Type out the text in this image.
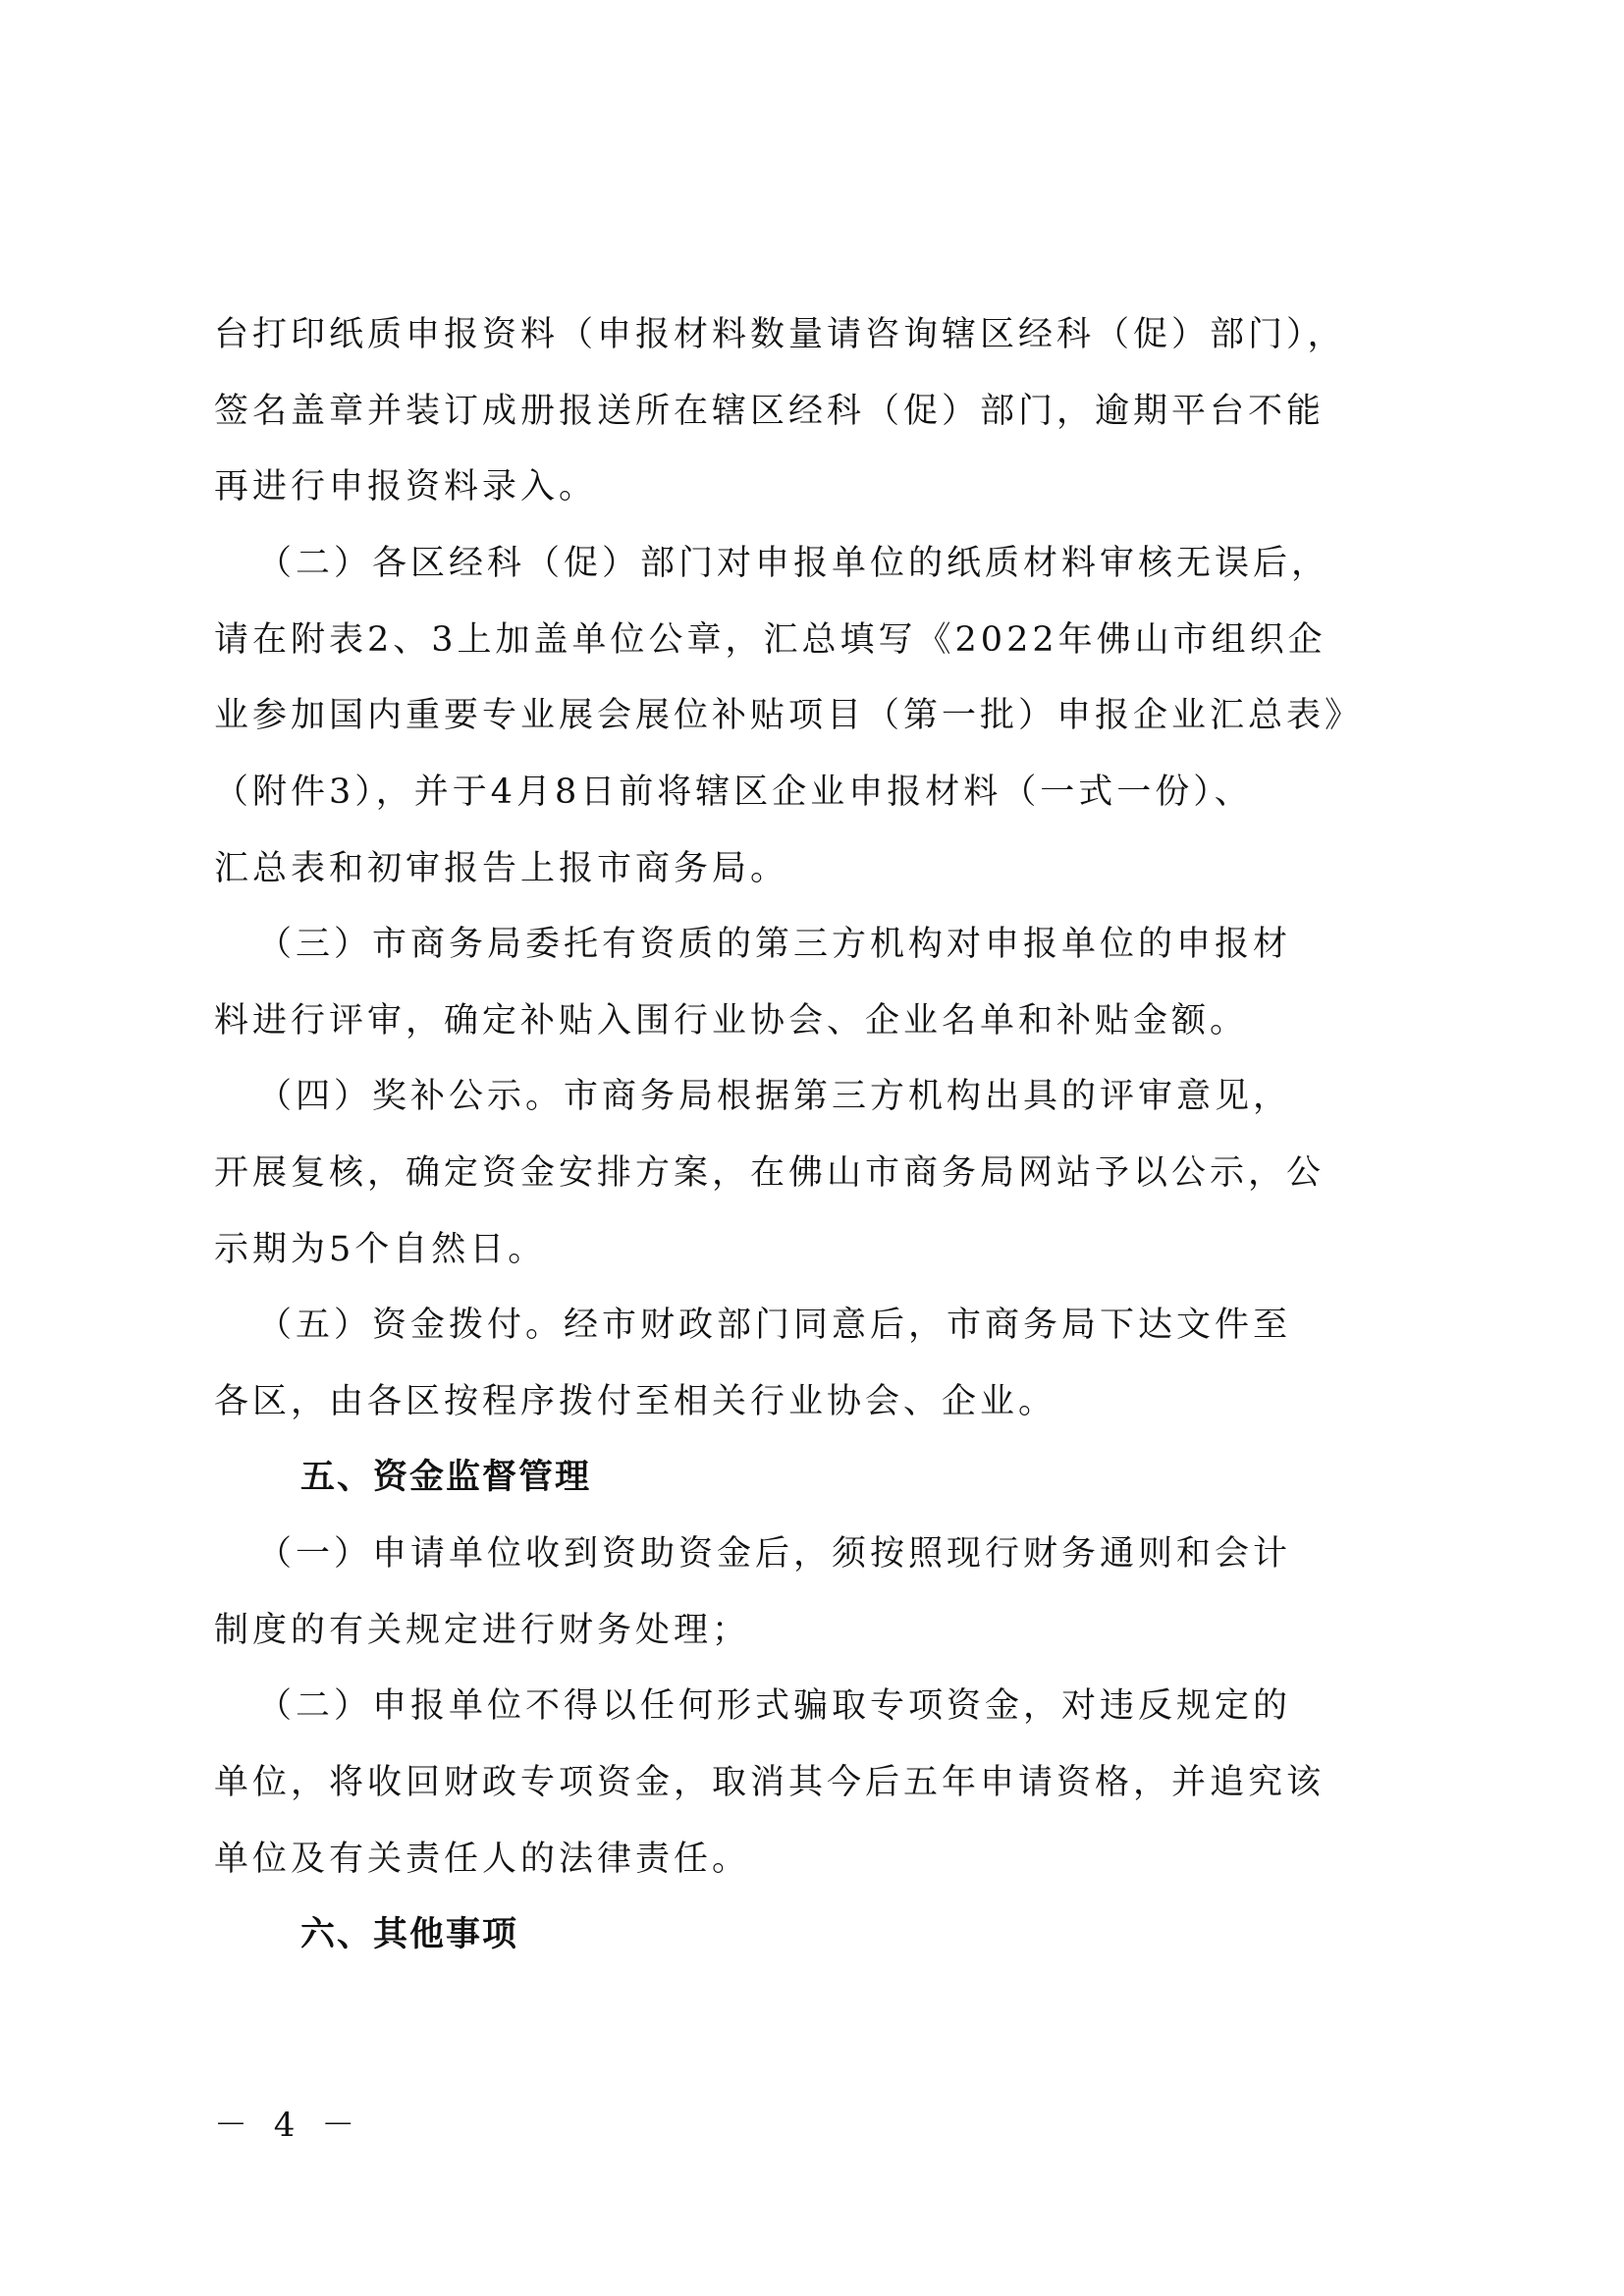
台打印纸质申报资料（申报材料数量请咨询辖区经科（促）部门），
签名盖章并装订成册报送所在辖区经科（促）部门，逾期平台不能
再进行申报资料录入。
（二）各区经科（促）部门对申报单位的纸质材料审核无误后，
请在附表2、3上加盖单位公章，汇总填写《2022年佛山市组织企
业参加国内重要专业展会展位补贴项目（第一批）申报企业汇总表》
（附件3），并于4月8日前将辖区企业申报材料（一式一份）、
汇总表和初审报告上报市商务局。
（三）市商务局委托有资质的第三方机构对申报单位的申报材
料进行评审，确定补贴入围行业协会、企业名单和补贴金额。
（四）奖补公示。市商务局根据第三方机构出具的评审意见，
开展复核，确定资金安排方案，在佛山市商务局网站予以公示，公
示期为5个自然日。
（五）资金拨付。经市财政部门同意后，市商务局下达文件至
各区，由各区按程序拨付至相关行业协会、企业。
五、资金监督管理
（一）申请单位收到资助资金后，须按照现行财务通则和会计
制度的有关规定进行财务处理；
（二）申报单位不得以任何形式骗取专项资金，对违反规定的
单位，将收回财政专项资金，取消其今后五年申请资格，并追究该
单位及有关责任人的法律责任。
六、其他事项
－ 4 －
